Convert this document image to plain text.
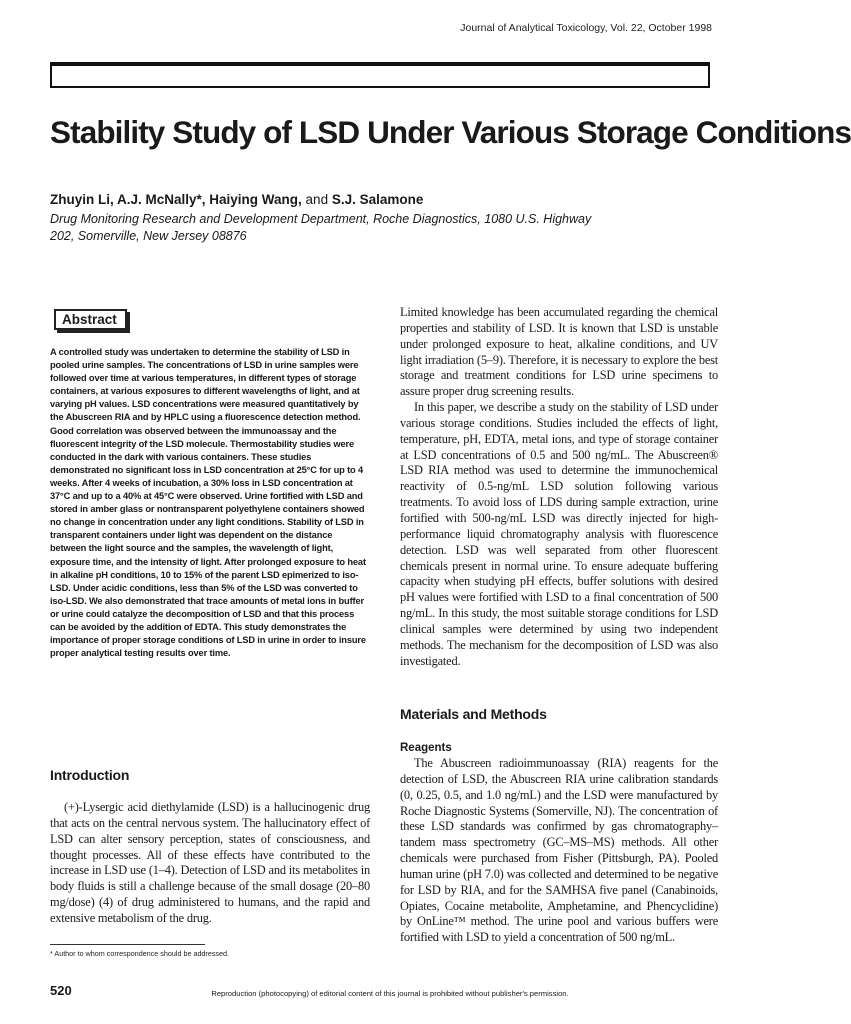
Journal of Analytical Toxicology, Vol. 22, October 1998
Stability Study of LSD Under Various Storage Conditions
Zhuyin Li, A.J. McNally*, Haiying Wang, and S.J. Salamone
Drug Monitoring Research and Development Department, Roche Diagnostics, 1080 U.S. Highway 202, Somerville, New Jersey 08876
Abstract

A controlled study was undertaken to determine the stability of LSD in pooled urine samples. The concentrations of LSD in urine samples were followed over time at various temperatures, in different types of storage containers, at various exposures to different wavelengths of light, and at varying pH values. LSD concentrations were measured quantitatively by the Abuscreen RIA and by HPLC using a fluorescence detection method. Good correlation was observed between the immunoassay and the fluorescent integrity of the LSD molecule. Thermostability studies were conducted in the dark with various containers. These studies demonstrated no significant loss in LSD concentration at 25°C for up to 4 weeks. After 4 weeks of incubation, a 30% loss in LSD concentration at 37°C and up to a 40% at 45°C were observed. Urine fortified with LSD and stored in amber glass or nontransparent polyethylene containers showed no change in concentration under any light conditions. Stability of LSD in transparent containers under light was dependent on the distance between the light source and the samples, the wavelength of light, exposure time, and the intensity of light. After prolonged exposure to heat in alkaline pH conditions, 10 to 15% of the parent LSD epimerized to iso-LSD. Under acidic conditions, less than 5% of the LSD was converted to iso-LSD. We also demonstrated that trace amounts of metal ions in buffer or urine could catalyze the decomposition of LSD and that this process can be avoided by the addition of EDTA. This study demonstrates the importance of proper storage conditions of LSD in urine in order to insure proper analytical testing results over time.

Introduction

(+)-Lysergic acid diethylamide (LSD) is a hallucinogenic drug that acts on the central nervous system. The hallucinatory effect of LSD can alter sensory perception, states of consciousness, and thought processes. All of these effects have contributed to the increase in LSD use (1–4). Detection of LSD and its metabolites in body fluids is still a challenge because of the small dosage (20–80 mg/dose) (4) of drug administered to humans, and the rapid and extensive metabolism of the drug.

Limited knowledge has been accumulated regarding the chemical properties and stability of LSD. It is known that LSD is unstable under prolonged exposure to heat, alkaline conditions, and UV light irradiation (5–9). Therefore, it is necessary to explore the best storage and treatment conditions for LSD urine specimens to assure proper drug screening results.

In this paper, we describe a study on the stability of LSD under various storage conditions. Studies included the effects of light, temperature, pH, EDTA, metal ions, and type of storage container at LSD concentrations of 0.5 and 500 ng/mL. The Abuscreen® LSD RIA method was used to determine the immunochemical reactivity of 0.5-ng/mL LSD solution following various treatments. To avoid loss of LDS during sample extraction, urine fortified with 500-ng/mL LSD was directly injected for high-performance liquid chromatography analysis with fluorescence detection. LSD was well separated from other fluorescent chemicals present in normal urine. To ensure adequate buffering capacity when studying pH effects, buffer solutions with desired pH values were fortified with LSD to a final concentration of 500 ng/mL. In this study, the most suitable storage conditions for LSD clinical samples were determined by using two independent methods. The mechanism for the decomposition of LSD was also investigated.

Materials and Methods
Reagents

The Abuscreen radioimmunoassay (RIA) reagents for the detection of LSD, the Abuscreen RIA urine calibration standards (0, 0.25, 0.5, and 1.0 ng/mL) and the LSD were manufactured by Roche Diagnostic Systems (Somerville, NJ). The concentration of these LSD standards was confirmed by gas chromatography–tandem mass spectrometry (GC–MS–MS) methods. All other chemicals were purchased from Fisher (Pittsburgh, PA). Pooled human urine (pH 7.0) was collected and determined to be negative for LSD by RIA, and for the SAMHSA five panel (Canabinoids, Opiates, Cocaine metabolite, Amphetamine, and Phencyclidine) by OnLine™ method. The urine pool and various buffers were fortified with LSD to yield a concentration of 500 ng/mL.

* Author to whom correspondence should be addressed.
520	Reproduction (photocopying) of editorial content of this journal is prohibited without publisher's permission.
